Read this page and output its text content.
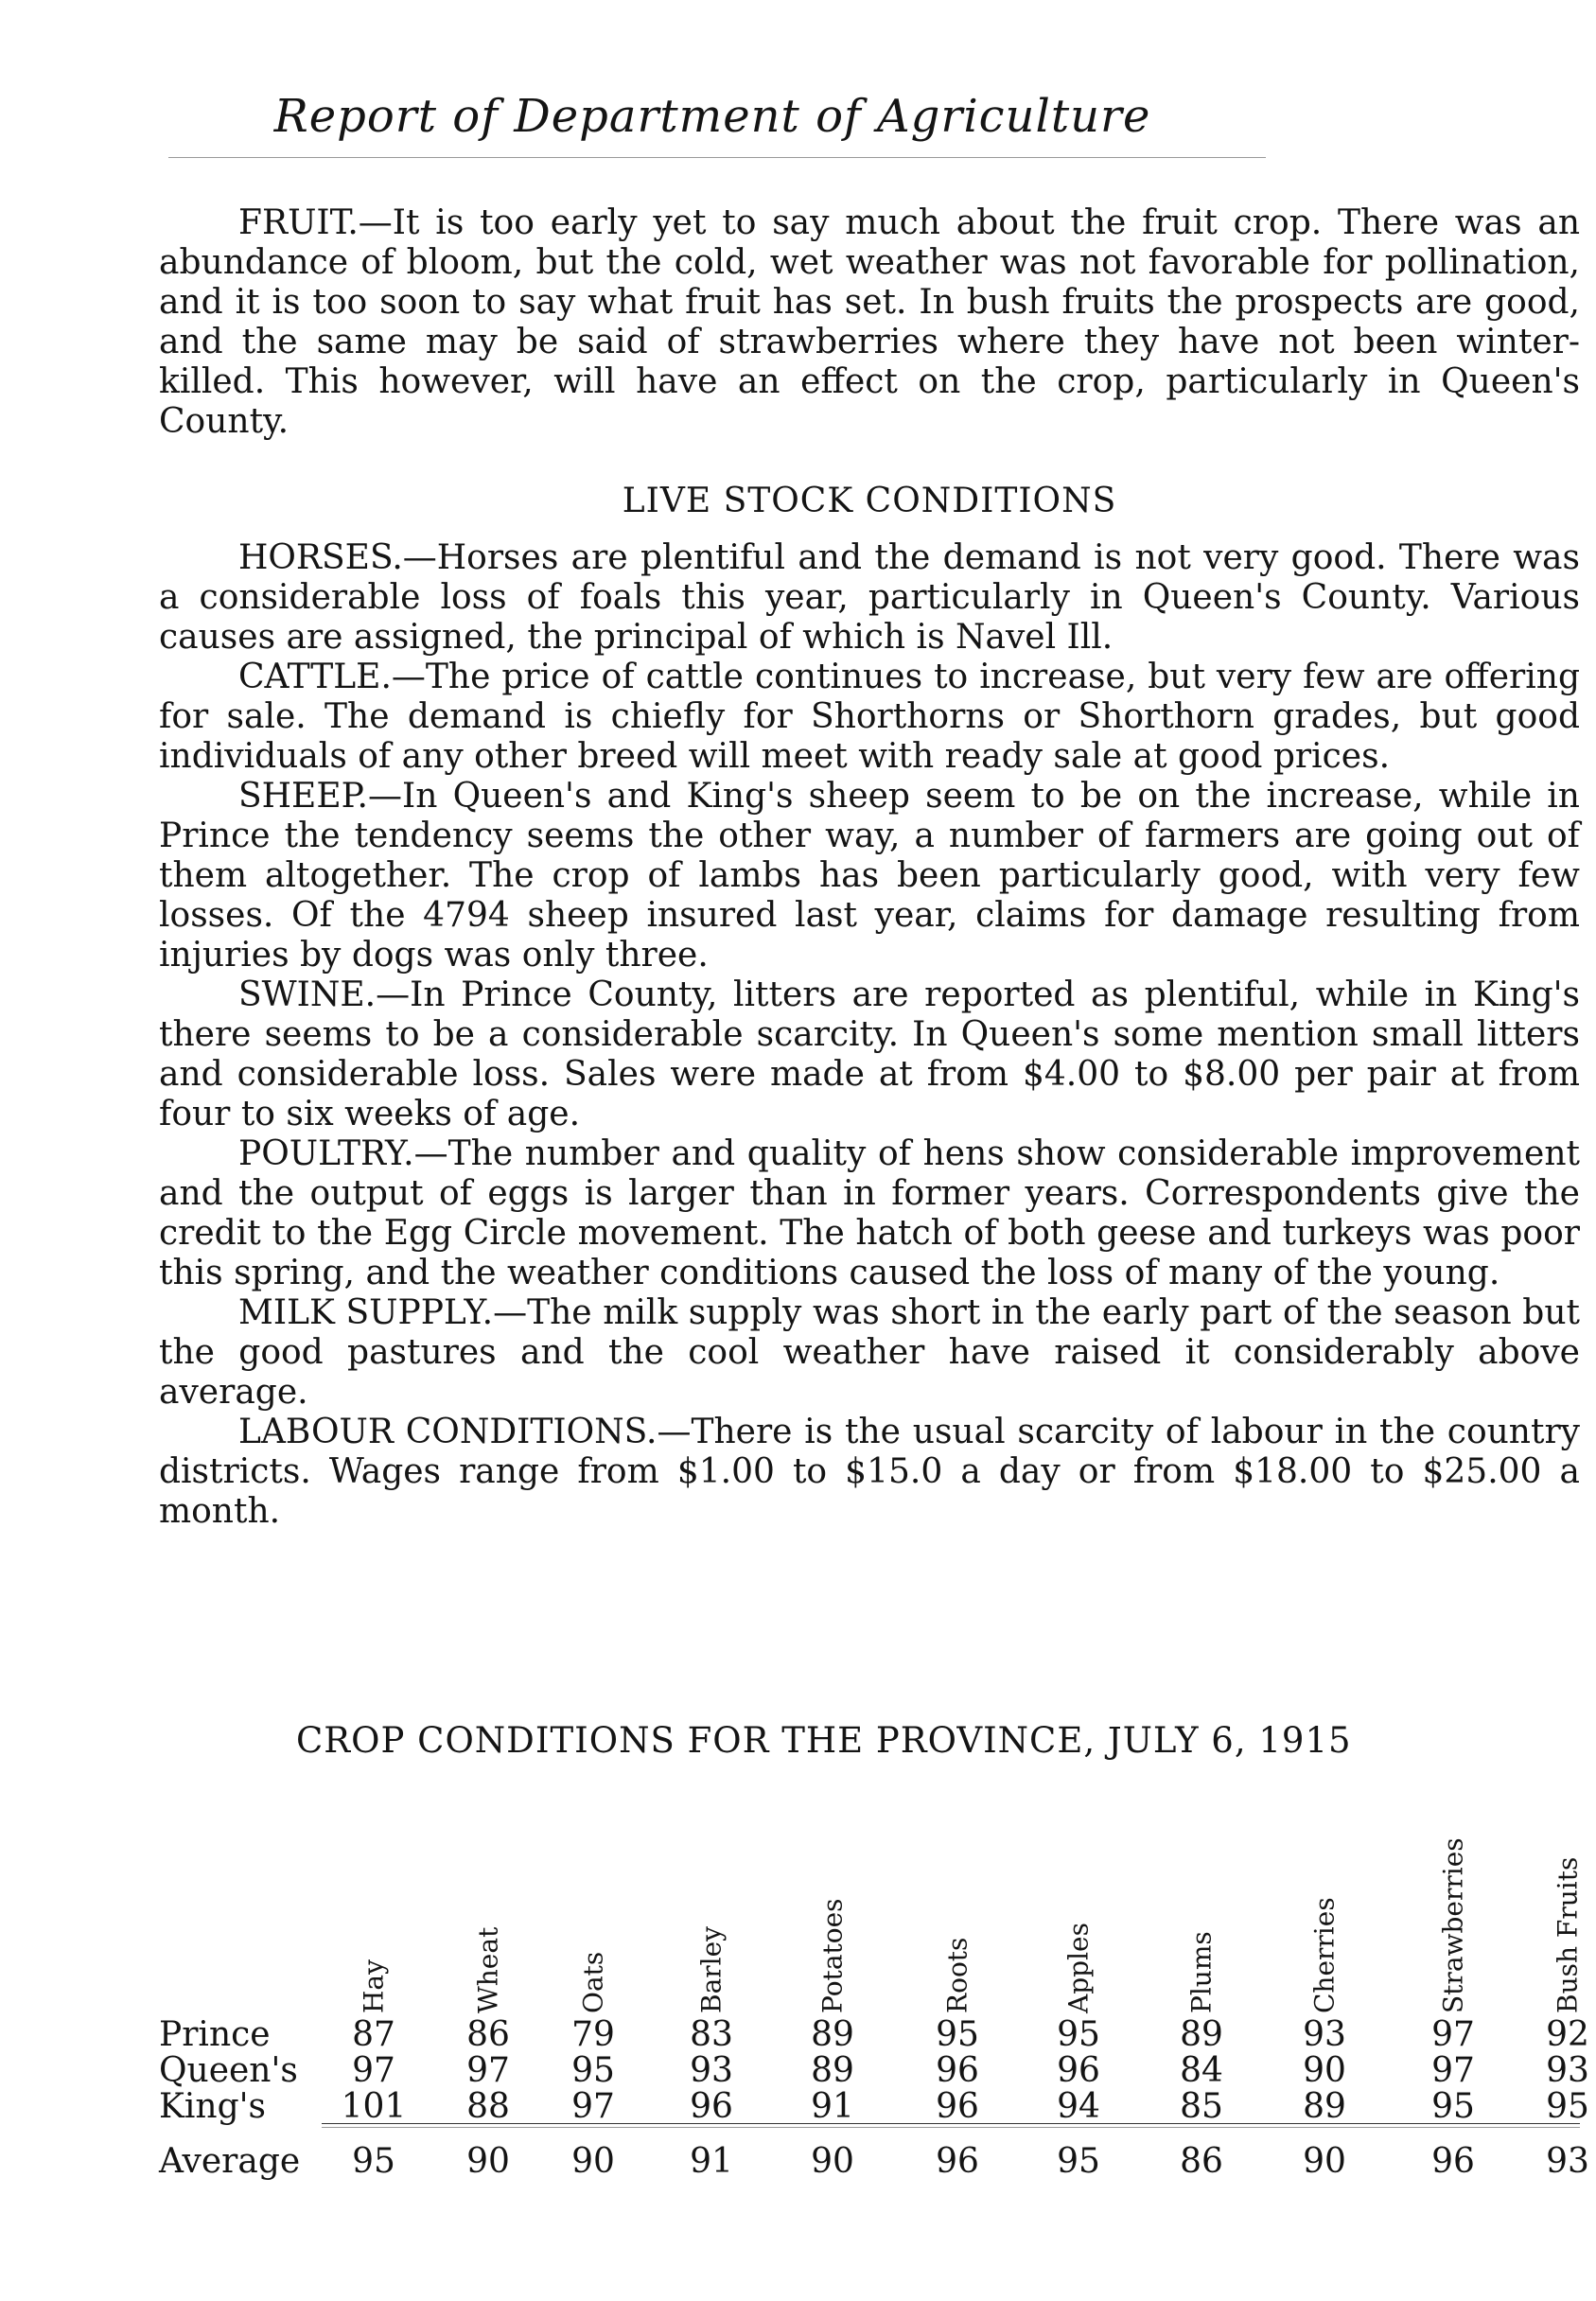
Report of Department of Agriculture

FRUIT.—It is too early yet to say much about the fruit crop. There was an abundance of bloom, but the cold, wet weather was not favorable for pollination, and it is too soon to say what fruit has set. In bush fruits the prospects are good, and the same may be said of strawberries where they have not been winter-killed. This however, will have an effect on the crop, particularly in Queen's County.

LIVE STOCK CONDITIONS

HORSES.—Horses are plentiful and the demand is not very good. There was a considerable loss of foals this year, particularly in Queen's County. Various causes are assigned, the principal of which is Navel Ill.

CATTLE.—The price of cattle continues to increase, but very few are offering for sale. The demand is chiefly for Shorthorns or Shorthorn grades, but good individuals of any other breed will meet with ready sale at good prices.

SHEEP.—In Queen's and King's sheep seem to be on the increase, while in Prince the tendency seems the other way, a number of farmers are going out of them altogether. The crop of lambs has been particularly good, with very few losses. Of the 4794 sheep insured last year, claims for damage resulting from injuries by dogs was only three.

SWINE.—In Prince County, litters are reported as plentiful, while in King's there seems to be a considerable scarcity. In Queen's some mention small litters and considerable loss. Sales were made at from $4.00 to $8.00 per pair at from four to six weeks of age.

POULTRY.—The number and quality of hens show considerable improvement and the output of eggs is larger than in former years. Correspondents give the credit to the Egg Circle movement. The hatch of both geese and turkeys was poor this spring, and the weather conditions caused the loss of many of the young.

MILK SUPPLY.—The milk supply was short in the early part of the season but the good pastures and the cool weather have raised it considerably above average.

LABOUR CONDITIONS.—There is the usual scarcity of labour in the country districts. Wages range from $1.00 to $15.0 a day or from $18.00 to $25.00 a month.

CROP CONDITIONS FOR THE PROVINCE, JULY 6, 1915
Hay	Wheat	Oats	Barley	Potatoes	Roots	Apples	Plums	Cherries	Strawberries	Bush Fruits
Prince	87	86	79	83	89	95	95	89	93	97	92
Queen's	97	97	95	93	89	96	96	84	90	97	93
King's 101	88	97	96	91	96	94	85	89	95	95
Average	95	90	90	91	90	96	95	86	90	96	93
